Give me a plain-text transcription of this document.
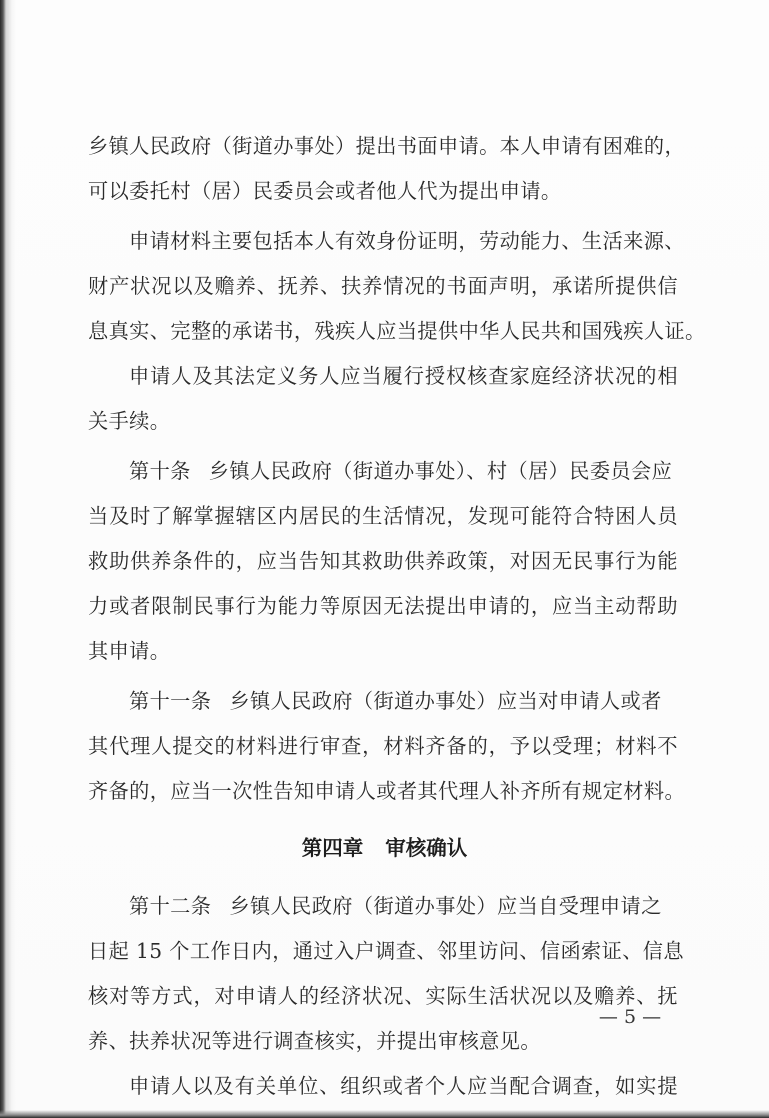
乡镇人民政府（街道办事处）提出书面申请。本人申请有困难的，
可以委托村（居）民委员会或者他人代为提出申请。
申请材料主要包括本人有效身份证明，劳动能力、生活来源、
财产状况以及赡养、抚养、扶养情况的书面声明，承诺所提供信
息真实、完整的承诺书，残疾人应当提供中华人民共和国残疾人证。
申请人及其法定义务人应当履行授权核查家庭经济状况的相
关手续。
第十条 乡镇人民政府（街道办事处）、村（居）民委员会应
当及时了解掌握辖区内居民的生活情况，发现可能符合特困人员
救助供养条件的，应当告知其救助供养政策，对因无民事行为能
力或者限制民事行为能力等原因无法提出申请的，应当主动帮助
其申请。
第十一条 乡镇人民政府（街道办事处）应当对申请人或者
其代理人提交的材料进行审查，材料齐备的，予以受理；材料不
齐备的，应当一次性告知申请人或者其代理人补齐所有规定材料。
第四章 审核确认
第十二条 乡镇人民政府（街道办事处）应当自受理申请之
日起 15 个工作日内，通过入户调查、邻里访问、信函索证、信息
核对等方式，对申请人的经济状况、实际生活状况以及赡养、抚
养、扶养状况等进行调查核实，并提出审核意见。
申请人以及有关单位、组织或者个人应当配合调查，如实提
— 5 —
